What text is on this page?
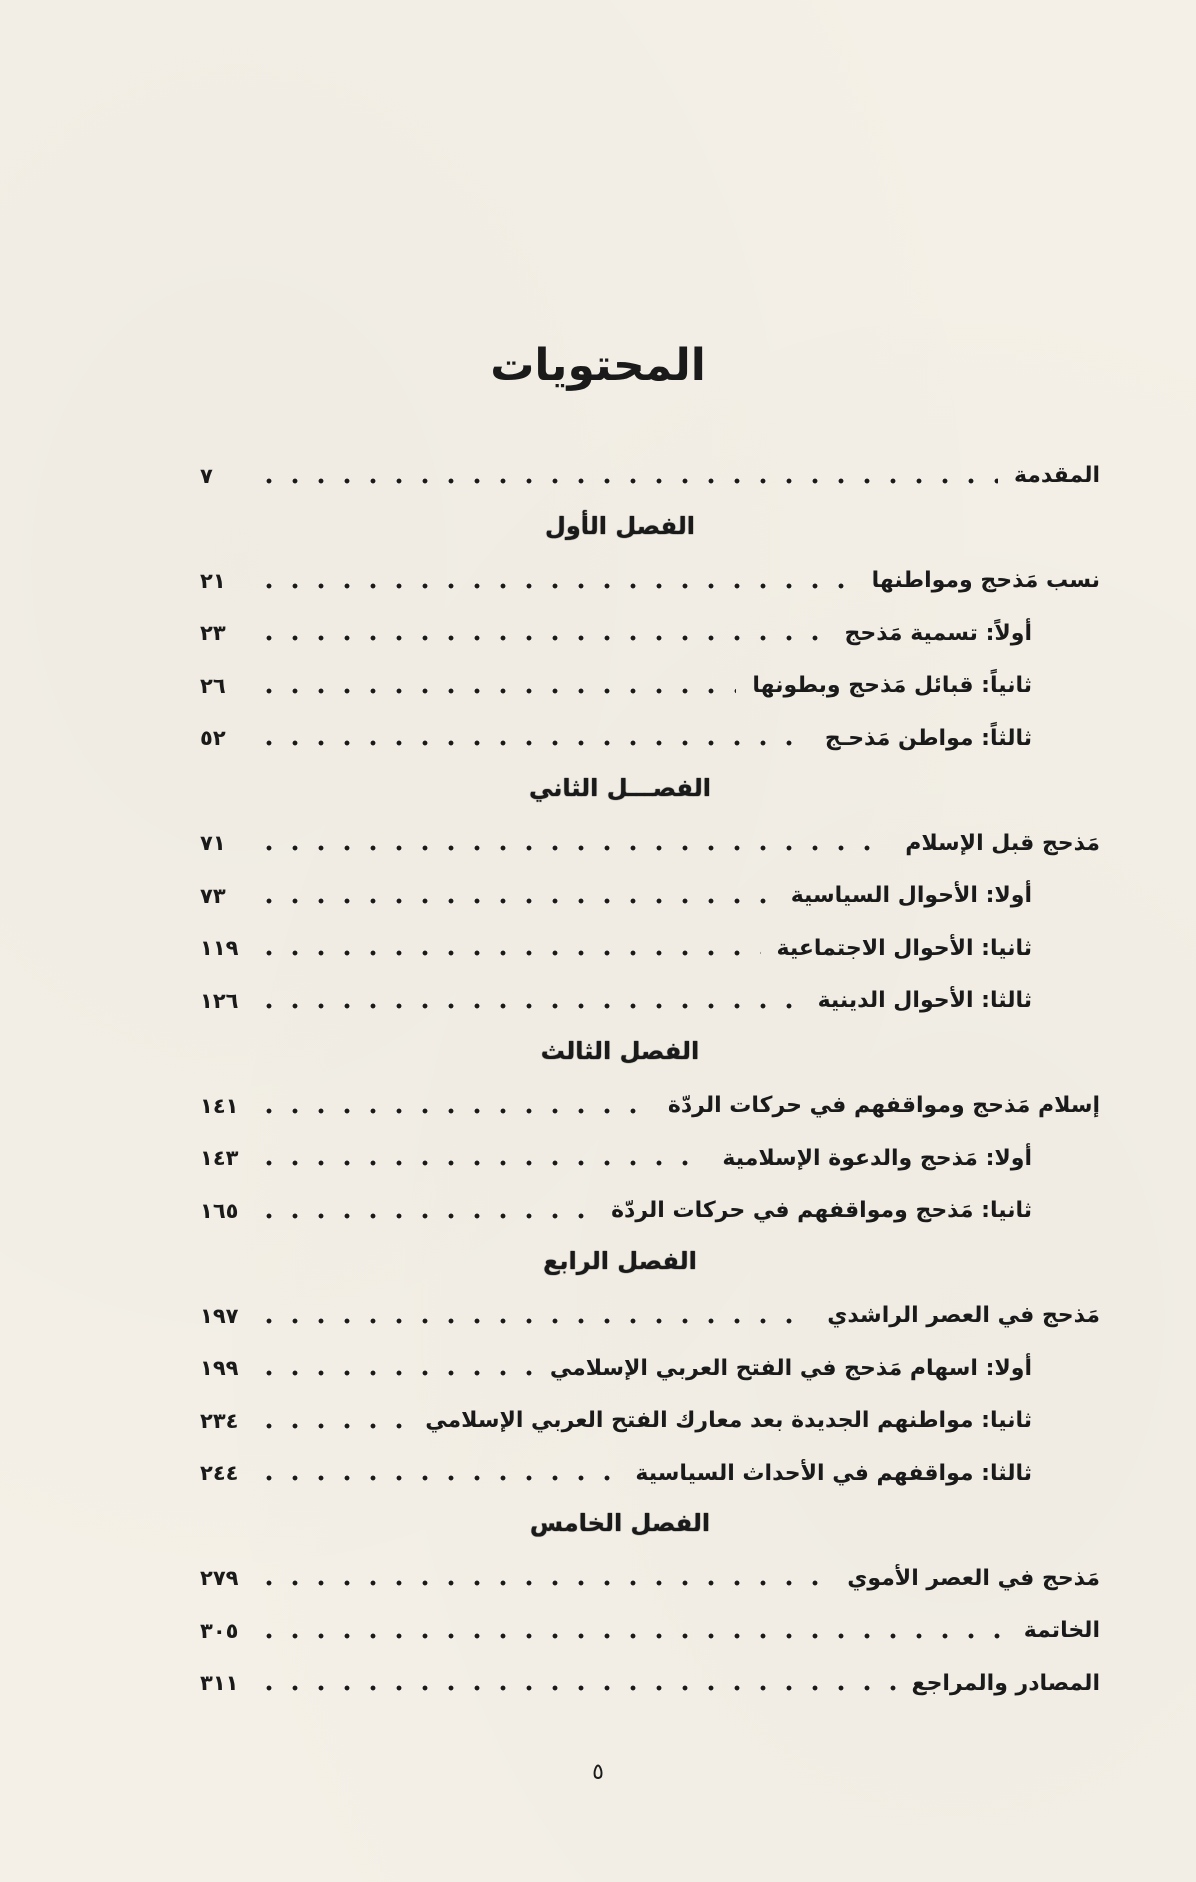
المحتويات
المقدمة
٧
الفصل الأول
نسب مَذحج ومواطنها
٢١
أولاً: تسمية مَذحج
٢٣
ثانياً: قبائل مَذحج وبطونها
٢٦
ثالثاً: مواطن مَذحـج
٥٢
الفصـــل الثاني
مَذحج قبل الإسلام
٧١
أولا: الأحوال السياسية
٧٣
ثانيا: الأحوال الاجتماعية
١١٩
ثالثا: الأحوال الدينية
١٢٦
الفصل الثالث
إسلام مَذحج ومواقفهم في حركات الردّة
١٤١
أولا: مَذحج والدعوة الإسلامية
١٤٣
ثانيا: مَذحج ومواقفهم في حركات الردّة
١٦٥
الفصل الرابع
مَذحج في العصر الراشدي
١٩٧
أولا: اسهام مَذحج في الفتح العربي الإسلامي
١٩٩
ثانيا: مواطنهم الجديدة بعد معارك الفتح العربي الإسلامي
٢٣٤
ثالثا: مواقفهم في الأحداث السياسية
٢٤٤
الفصل الخامس
مَذحج في العصر الأموي
٢٧٩
الخاتمة
٣٠٥
المصادر والمراجع
٣١١
٥
